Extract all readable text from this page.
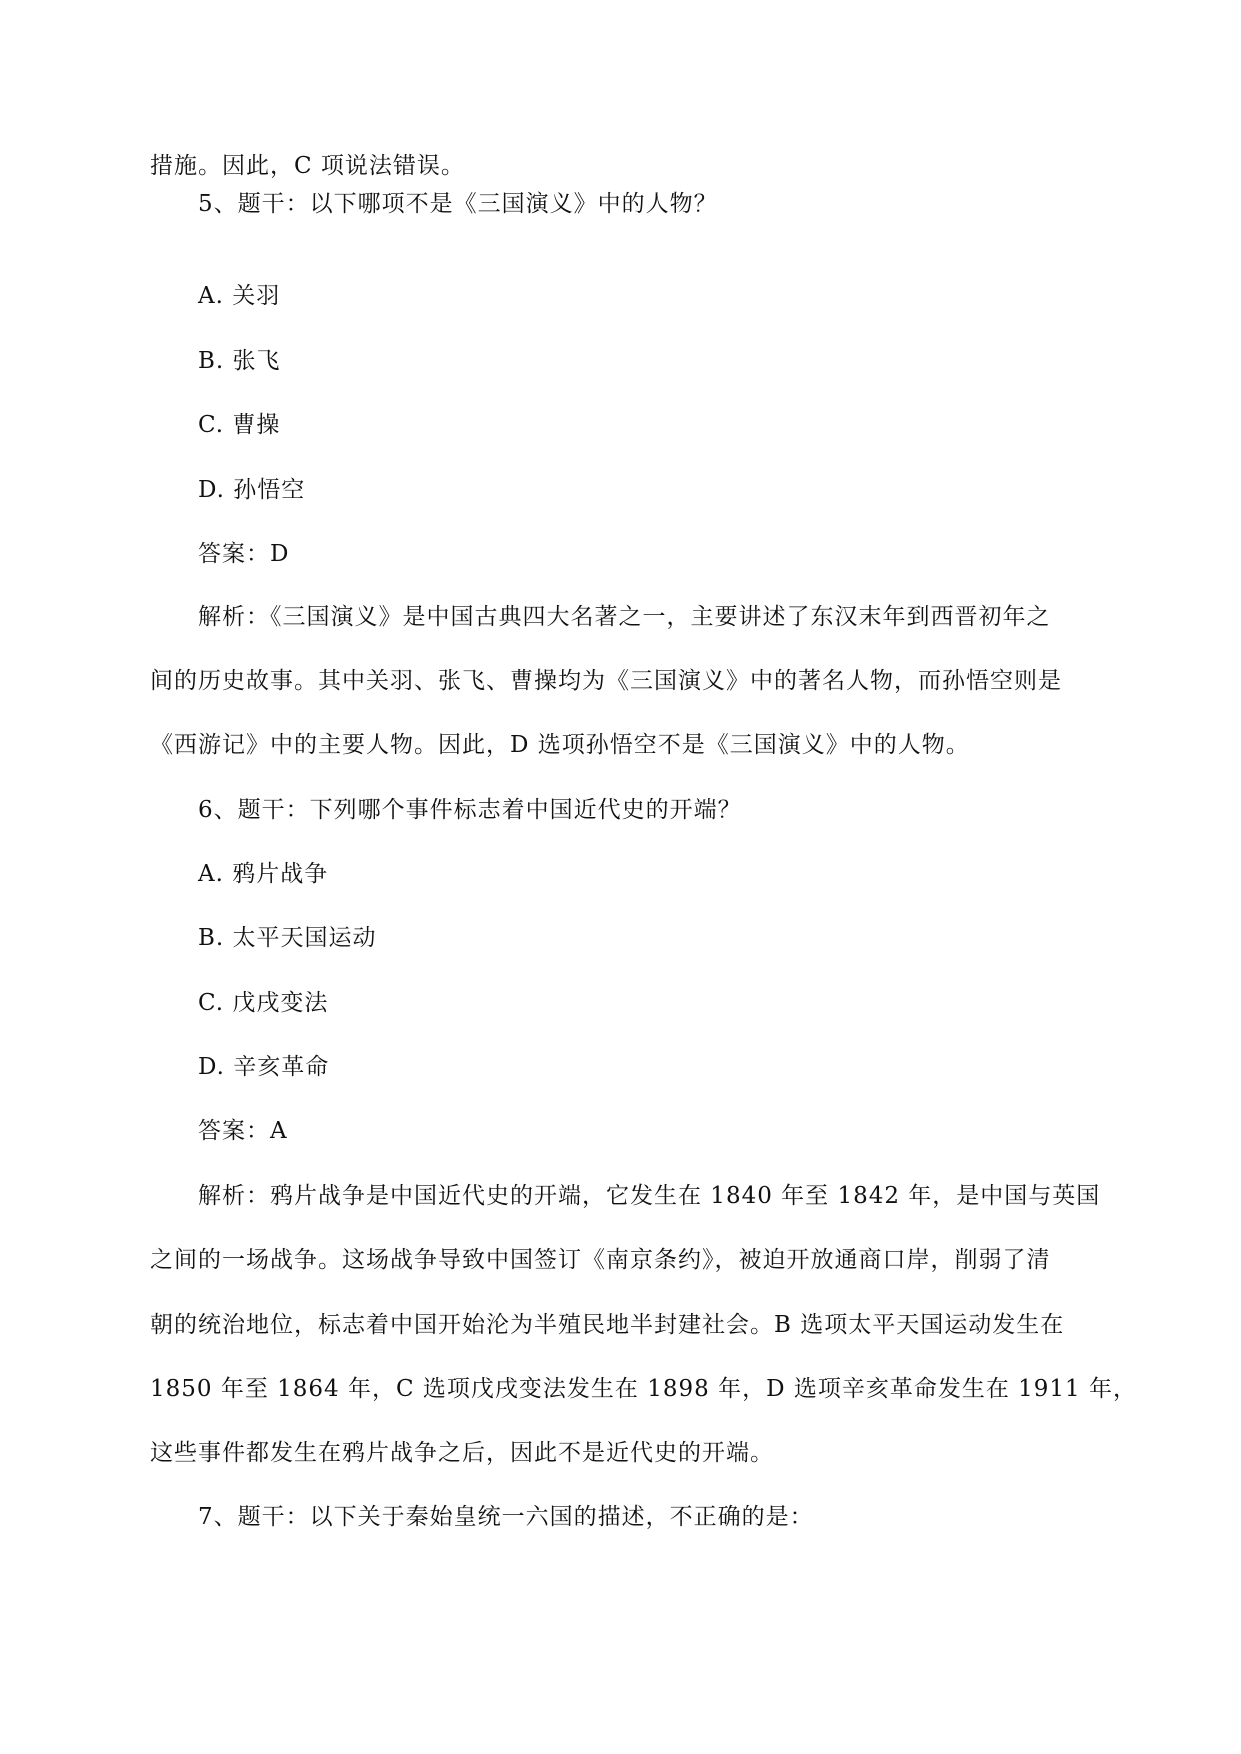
措施。因此，C 项说法错误。
5、题干：以下哪项不是《三国演义》中的人物？
A. 关羽
B. 张飞
C. 曹操
D. 孙悟空
答案：D
解析：《三国演义》是中国古典四大名著之一，主要讲述了东汉末年到西晋初年之
间的历史故事。其中关羽、张飞、曹操均为《三国演义》中的著名人物，而孙悟空则是
《西游记》中的主要人物。因此，D 选项孙悟空不是《三国演义》中的人物。
6、题干：下列哪个事件标志着中国近代史的开端？
A. 鸦片战争
B. 太平天国运动
C. 戊戌变法
D. 辛亥革命
答案：A
解析：鸦片战争是中国近代史的开端，它发生在 1840 年至 1842 年，是中国与英国
之间的一场战争。这场战争导致中国签订《南京条约》，被迫开放通商口岸，削弱了清
朝的统治地位，标志着中国开始沦为半殖民地半封建社会。B 选项太平天国运动发生在
1850 年至 1864 年，C 选项戊戌变法发生在 1898 年，D 选项辛亥革命发生在 1911 年，
这些事件都发生在鸦片战争之后，因此不是近代史的开端。
7、题干：以下关于秦始皇统一六国的描述，不正确的是：
